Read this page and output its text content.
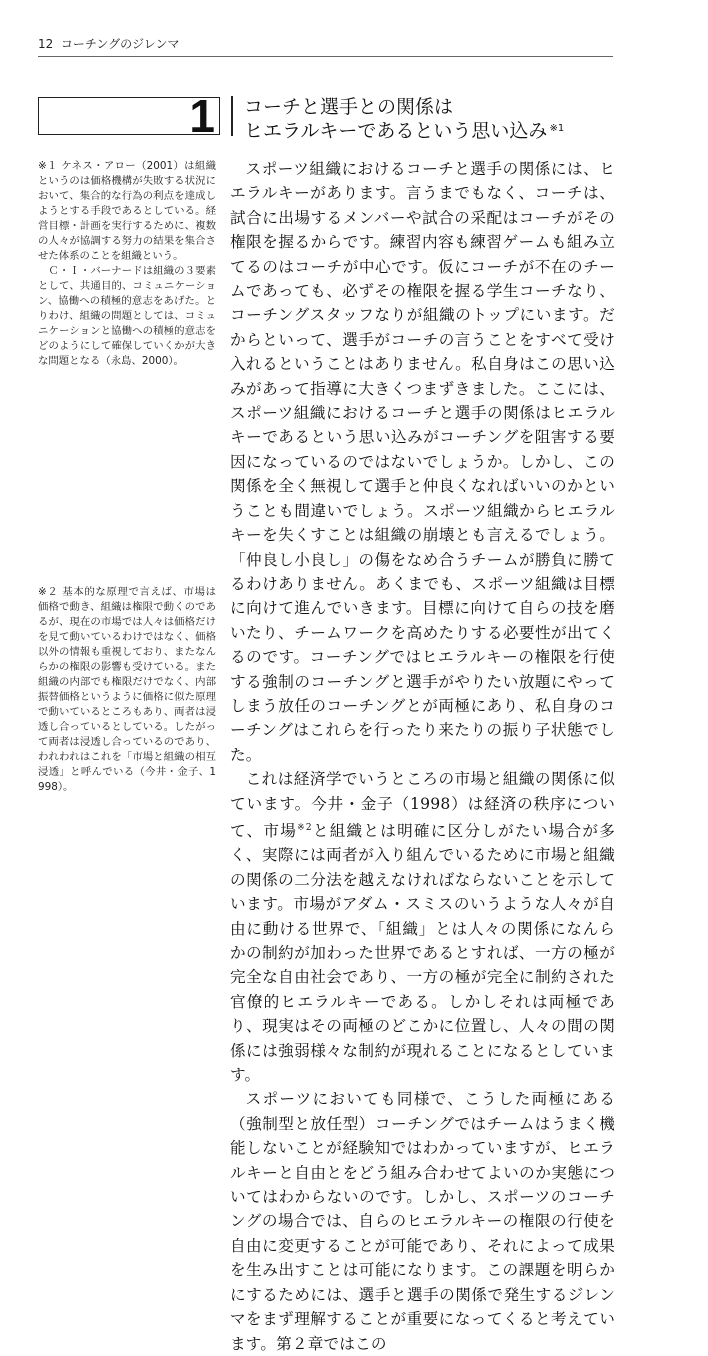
12 コーチングのジレンマ
1 コーチと選手との関係は
ヒエラルキーであるという思い込み $^{※1}$

※１ ケネス・アロー（2001）は組織というのは価格機構が失敗する状況において、集合的な行為の利点を達成しようとする手段であるとしている。経営目標・計画を実行するために、複数の人々が協調する努力の結果を集合させた体系のことを組織という。

Ｃ・Ｉ・バーナードは組織の３要素として、共通目的、コミュニケーション、協働への積極的意志をあげた。とりわけ、組織の問題としては、コミュニケーションと協働への積極的意志をどのようにして確保していくかが大きな問題となる（永島、2000）。

※２ 基本的な原理で言えば、市場は価格で動き、組織は権限で動くのであるが、現在の市場では人々は価格だけを見て動いているわけではなく、価格以外の情報も重視しており、またなんらかの権限の影響も受けている。また組織の内部でも権限だけでなく、内部振替価格というように価格に似た原理で動いているところもあり、両者は浸透し合っているとしている。したがって両者は浸透し合っているのであり、われわれはこれを「市場と組織の相互浸透」と呼んでいる（今井・金子、1998）。

スポーツ組織におけるコーチと選手の関係には、ヒエラルキーがあります。言うまでもなく、コーチは、試合に出場するメンバーや試合の采配はコーチがその権限を握るからです。練習内容も練習ゲームも組み立てるのはコーチが中心です。仮にコーチが不在のチームであっても、必ずその権限を握る学生コーチなり、コーチングスタッフなりが組織のトップにいます。だからといって、選手がコーチの言うことをすべて受け入れるということはありません。私自身はこの思い込みがあって指導に大きくつまずきました。ここには、スポーツ組織におけるコーチと選手の関係はヒエラルキーであるという思い込みがコーチングを阻害する要因になっているのではないでしょうか。しかし、この関係を全く無視して選手と仲良くなればいいのかということも間違いでしょう。スポーツ組織からヒエラルキーを失くすことは組織の崩壊とも言えるでしょう。「仲良し小良し」の傷をなめ合うチームが勝負に勝てるわけありません。あくまでも、スポーツ組織は目標に向けて進んでいきます。目標に向けて自らの技を磨いたり、チームワークを高めたりする必要性が出てくるのです。コーチングではヒエラルキーの権限を行使する強制のコーチングと選手がやりたい放題にやってしまう放任のコーチングとが両極にあり、私自身のコーチングはこれらを行ったり来たりの振り子状態でした。

これは経済学でいうところの市場と組織の関係に似ています。今井・金子（1998）は経済の秩序について、市場$^{※2}$と組織とは明確に区分しがたい場合が多く、実際には両者が入り組んでいるために市場と組織の関係の二分法を越えなければならないことを示しています。市場がアダム・スミスのいうような人々が自由に動ける世界で、「組織」とは人々の関係になんらかの制約が加わった世界であるとすれば、一方の極が完全な自由社会であり、一方の極が完全に制約された官僚的ヒエラルキーである。しかしそれは両極であり、現実はその両極のどこかに位置し、人々の間の関係には強弱様々な制約が現れることになるとしています。

スポーツにおいても同様で、こうした両極にある（強制型と放任型）コーチングではチームはうまく機能しないことが経験知ではわかっていますが、ヒエラルキーと自由とをどう組み合わせてよいのか実態についてはわからないのです。しかし、スポーツのコーチングの場合では、自らのヒエラルキーの権限の行使を自由に変更することが可能であり、それによって成果を生み出すことは可能になります。この課題を明らかにするためには、選手と選手の関係で発生するジレンマをまず理解することが重要になってくると考えています。第２章ではこの
